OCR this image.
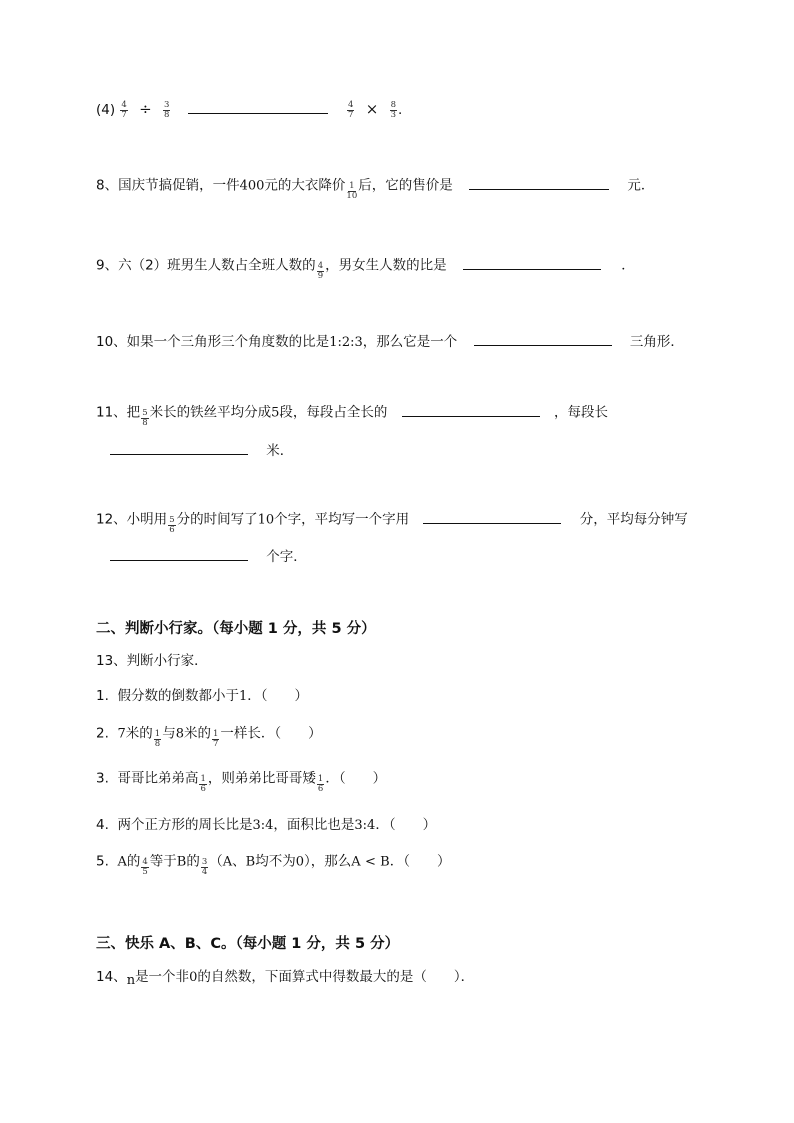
$(4) \frac{4}{7} \div \frac{3}{8}$
	$\frac{4}{7} \times \frac{8}{3}$ .
8、国庆节搞促销，一件400元的大衣降价 $\frac{1}{10}$ 后，它的售价是	元．
9、六（2）班男生人数占全班人数的 $\frac{4}{9}$ ，男女生人数的比是	．
10、如果一个三角形三个角度数的比是1:2:3，那么它是一个	三角形．
11、把 $\frac{5}{8}$ 米长的铁丝平均分成5段，每段占全长的	，每段长
米．
12、小明用 $\frac{5}{6}$ 分的时间写了10个字，平均写一个字用	分，平均每分钟写
个字．
二、判断小行家。（每小题 1 分，共 5 分）
13、判断小行家．
1. 假分数的倒数都小于1．（　　）
2. 7米的 $\frac{1}{8}$ 与8米的 $\frac{1}{7}$ 一样长．（　　）
3. 哥哥比弟弟高 $\frac{1}{6}$ ，则弟弟比哥哥矮 $\frac{1}{6}$ ．（　　）
4. 两个正方形的周长比是3:4，面积比也是3:4．（　　）
5. A的 $\frac{4}{5}$ 等于B的 $\frac{3}{4} (A$、B均不为0），那么A < B．（　　）
三、快乐 A、B、C。（每小题 1 分，共 5 分）
14、n是一个非0的自然数，下面算式中得数最大的是（　　）．
